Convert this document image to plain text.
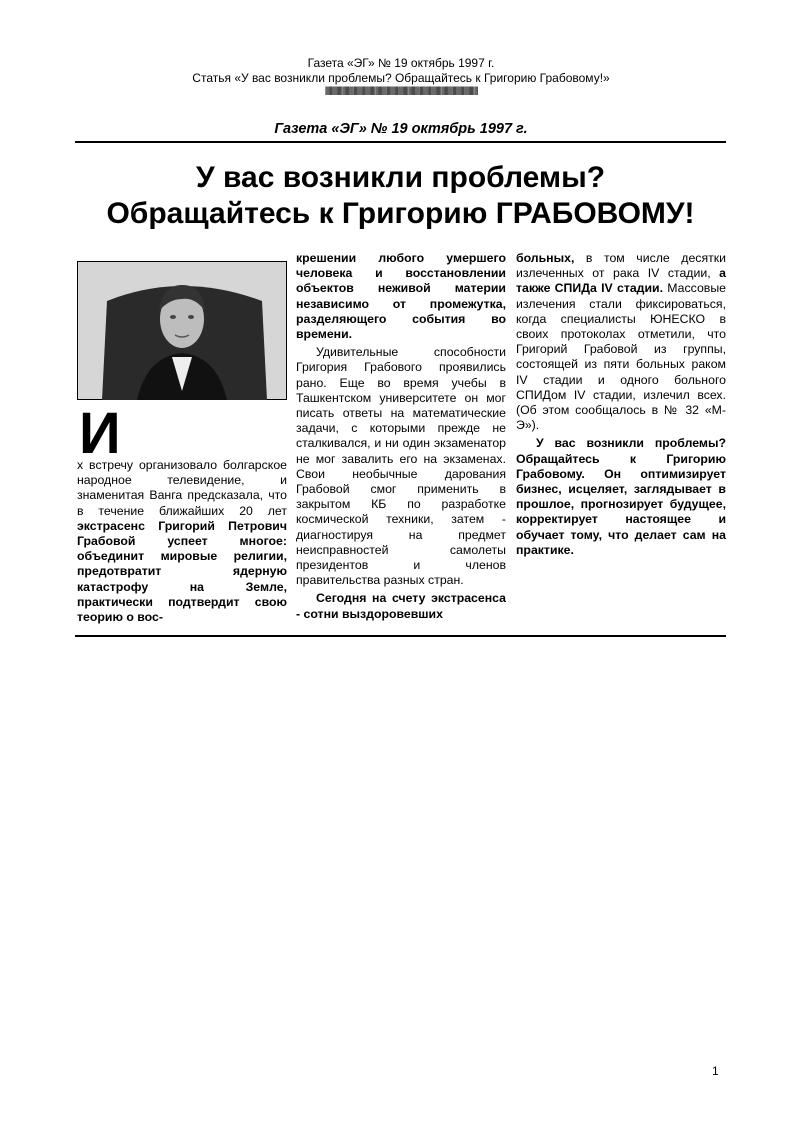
Газета «ЭГ» № 19 октябрь 1997 г.
Статья «У вас возникли проблемы? Обращайтесь к Григорию Грабовому!»
||||||||||||||||||||||||||||||||||||||||||||||||||||||||||||||||||||||||||||||||||||||||||||||||||||||||||||||||||||||||||||||||||||||
Газета «ЭГ» № 19 октябрь 1997 г.
У вас возникли проблемы?
Обращайтесь к Григорию ГРАБОВОМУ!
И

х встречу организовало болгарское народное телевидение, и знаменитая Ванга предсказала, что в течение ближайших 20 лет экстрасенс Григорий Петрович Грабовой успеет многое: объединит мировые религии, предотвратит ядерную катастрофу на Земле, практически подтвердит свою теорию о вос-

крешении любого умершего человека и восстановлении объектов неживой материи независимо от промежутка, разделяющего события во времени.

Удивительные способности Григория Грабового проявились рано. Еще во время учебы в Ташкентском университете он мог писать ответы на математические задачи, с которыми прежде не сталкивался, и ни один экзаменатор не мог завалить его на экзаменах. Свои необычные дарования Грабовой смог применить в закрытом КБ по разработке космической техники, затем - диагностируя на предмет неисправностей самолеты президентов и членов правительства разных стран.

Сегодня на счету экстрасенса - сотни выздоровевших

больных, в том числе десятки излеченных от рака IV стадии, а также СПИДа IV стадии. Массовые излечения стали фиксироваться, когда специалисты ЮНЕСКО в своих протоколах отметили, что Григорий Грабовой из группы, состоящей из пяти больных раком IV стадии и одного больного СПИДом IV стадии, излечил всех. (Об этом сообщалось в № 32 «М-Э»).

У вас возникли проблемы? Обращайтесь к Григорию Грабовому. Он оптимизирует бизнес, исцеляет, заглядывает в прошлое, прогнозирует будущее, корректирует настоящее и обучает тому, что делает сам на практике.

1
